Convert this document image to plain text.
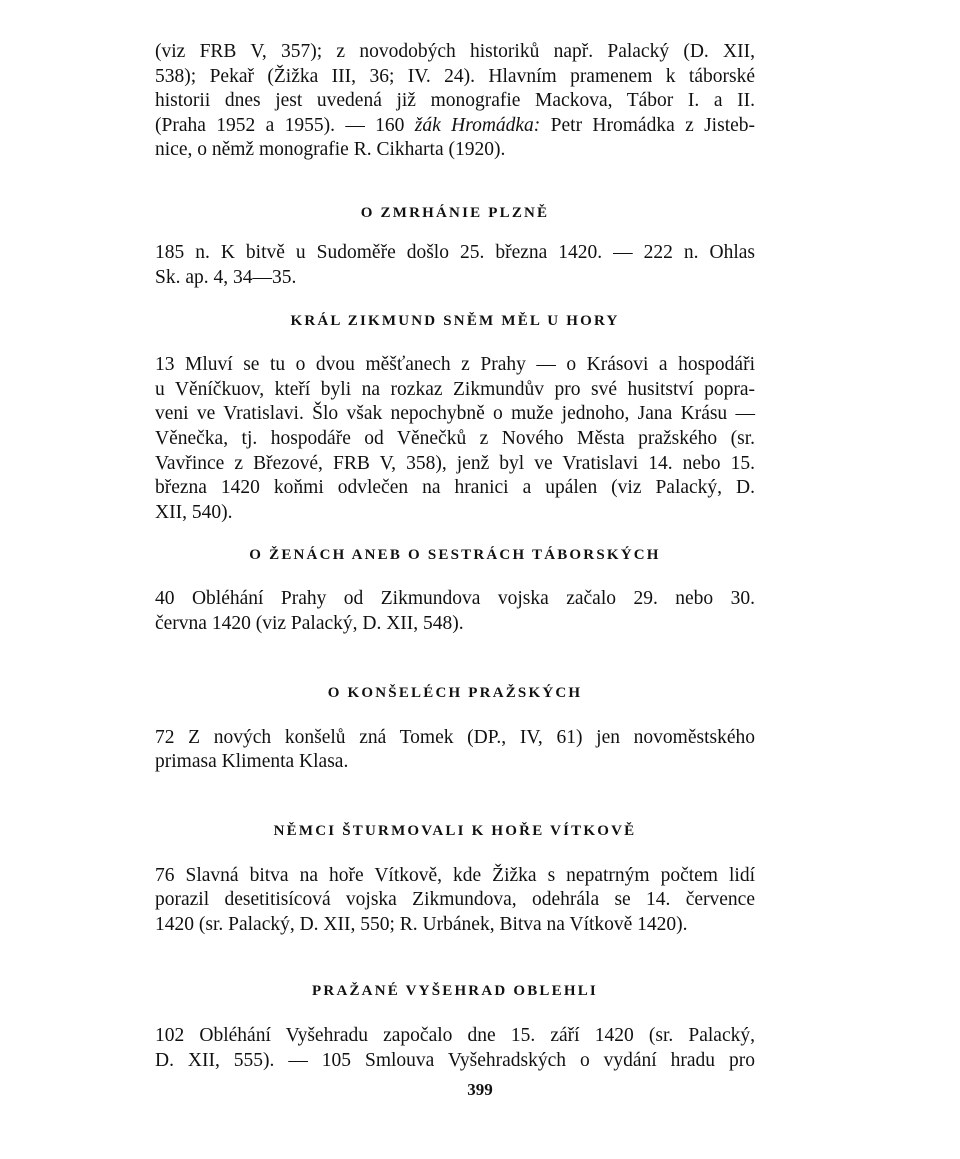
(viz FRB V, 357); z novodobých historiků např. Palacký (D. XII,
538); Pekař (Žižka III, 36; IV. 24). Hlavním pramenem k táborské
historii dnes jest uvedená již monografie Mackova, Tábor I. a II.
(Praha 1952 a 1955). — 160 žák Hromádka: Petr Hromádka z Jisteb-
nice, o němž monografie R. Cikharta (1920).

O ZMRHÁNIE PLZNĚ

185 n. K bitvě u Sudoměře došlo 25. března 1420. — 222 n. Ohlas
Sk. ap. 4, 34—35.

KRÁL ZIKMUND SNĚM MĚL U HORY

13 Mluví se tu o dvou měšťanech z Prahy — o Krásovi a hospodáři
u Věníčkuov, kteří byli na rozkaz Zikmundův pro své husitství popra-
veni ve Vratislavi. Šlo však nepochybně o muže jednoho, Jana Krásu —
Věnečka, tj. hospodáře od Věnečků z Nového Města pražského (sr.
Vavřince z Březové, FRB V, 358), jenž byl ve Vratislavi 14. nebo 15.
března 1420 koňmi odvlečen na hranici a upálen (viz Palacký, D.
XII, 540).

O ŽENÁCH ANEB O SESTRÁCH TÁBORSKÝCH

40 Obléhání Prahy od Zikmundova vojska začalo 29. nebo 30.
června 1420 (viz Palacký, D. XII, 548).

O KONŠELÉCH PRAŽSKÝCH

72 Z nových konšelů zná Tomek (DP., IV, 61) jen novoměstského
primasa Klimenta Klasa.

NĚMCI ŠTURMOVALI K HOŘE VÍTKOVĚ

76 Slavná bitva na hoře Vítkově, kde Žižka s nepatrným počtem lidí
porazil desetitisícová vojska Zikmundova, odehrála se 14. července
1420 (sr. Palacký, D. XII, 550; R. Urbánek, Bitva na Vítkově 1420).

PRAŽANÉ VYŠEHRAD OBLEHLI

102 Obléhání Vyšehradu započalo dne 15. září 1420 (sr. Palacký,
D. XII, 555). — 105 Smlouva Vyšehradských o vydání hradu pro

399
